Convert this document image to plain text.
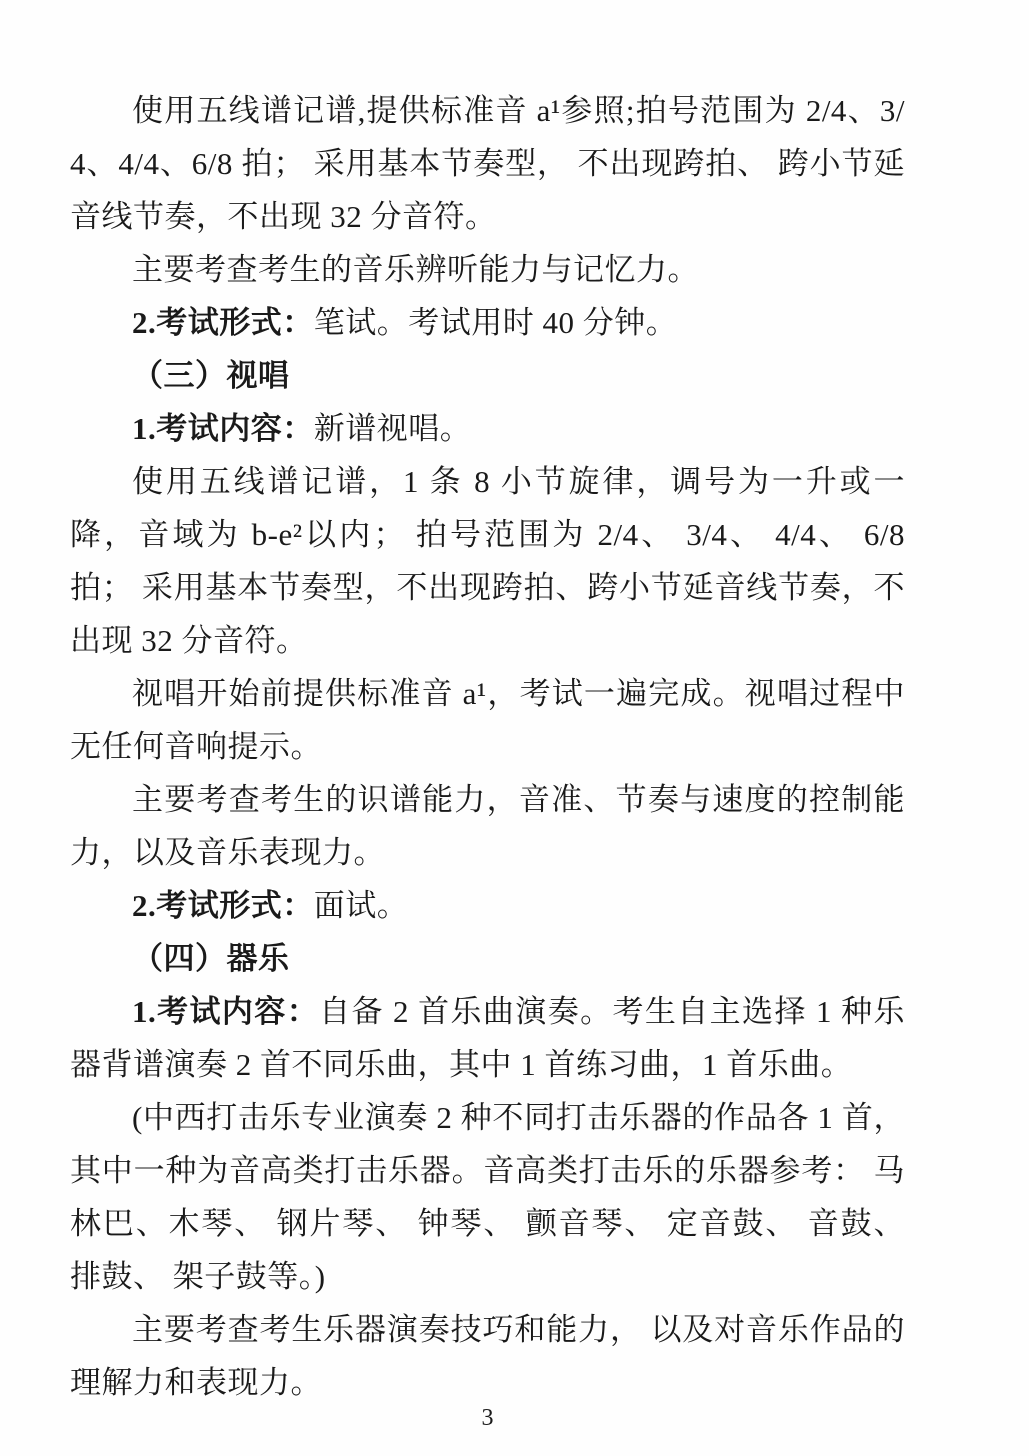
使用五线谱记谱,提供标准音 a¹参照;拍号范围为 2/4、3/4、4/4、6/8 拍； 采用基本节奏型， 不出现跨拍、 跨小节延音线节奏，不出现 32 分音符。

主要考查考生的音乐辨听能力与记忆力。

2.考试形式：笔试。考试用时 40 分钟。

（三）视唱

1.考试内容：新谱视唱。

使用五线谱记谱，1 条 8 小节旋律，调号为一升或一降，音域为 b-e²以内； 拍号范围为 2/4、 3/4、 4/4、 6/8 拍； 采用基本节奏型，不出现跨拍、跨小节延音线节奏，不出现 32 分音符。

视唱开始前提供标准音 a¹，考试一遍完成。视唱过程中无任何音响提示。

主要考查考生的识谱能力，音准、节奏与速度的控制能力，以及音乐表现力。

2.考试形式：面试。

（四）器乐

1.考试内容：自备 2 首乐曲演奏。考生自主选择 1 种乐器背谱演奏 2 首不同乐曲，其中 1 首练习曲，1 首乐曲。

(中西打击乐专业演奏 2 种不同打击乐器的作品各 1 首，其中一种为音高类打击乐器。音高类打击乐的乐器参考： 马林巴、木琴、 钢片琴、 钟琴、 颤音琴、 定音鼓、 音鼓、 排鼓、 架子鼓等。)

主要考查考生乐器演奏技巧和能力， 以及对音乐作品的理解力和表现力。

3
